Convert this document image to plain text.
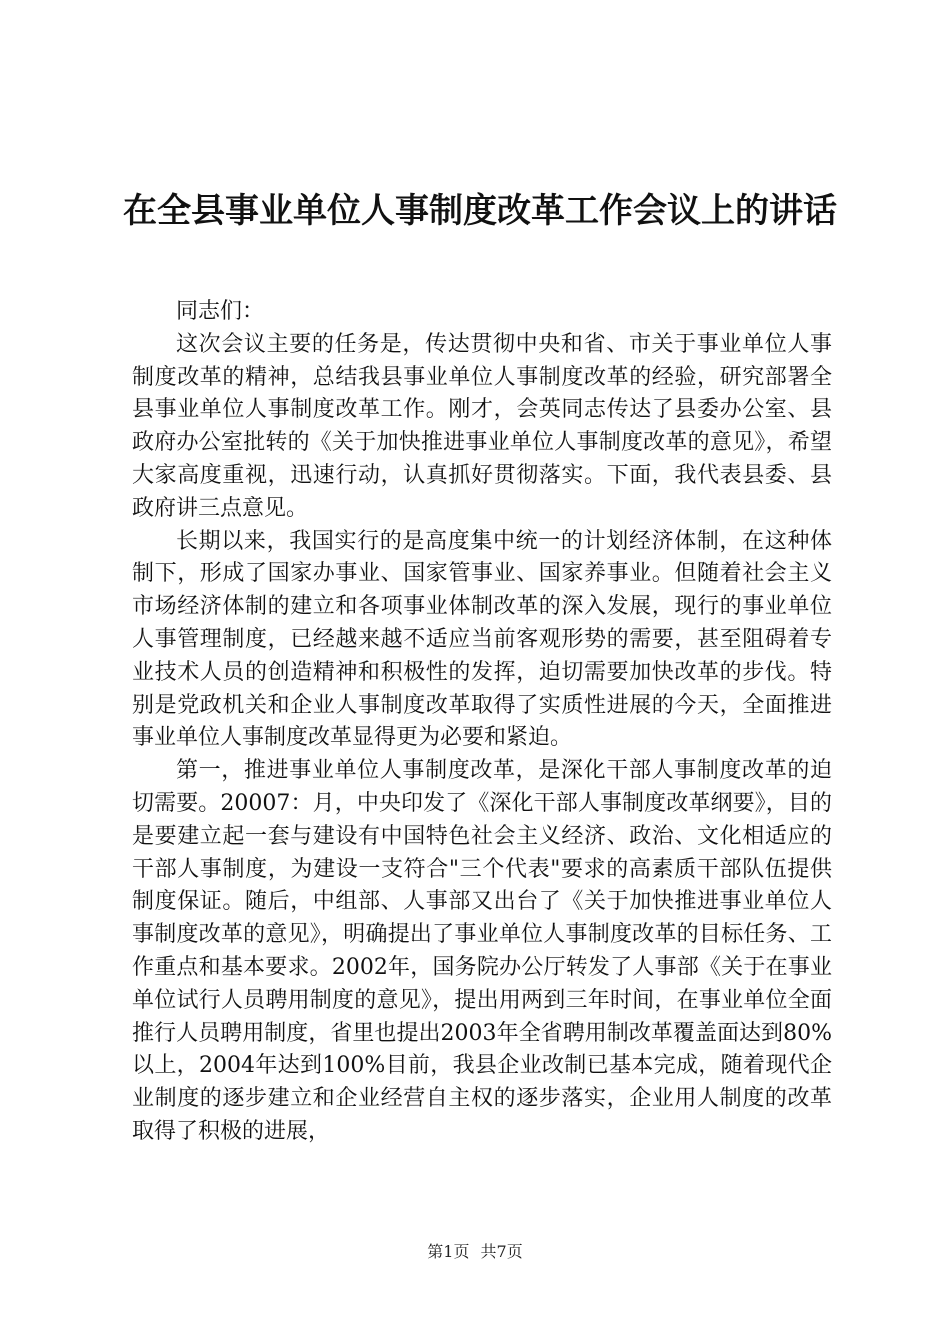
在全县事业单位人事制度改革工作会议上的讲话

同志们：

这次会议主要的任务是，传达贯彻中央和省、市关于事业单位人事制度改革的精神，总结我县事业单位人事制度改革的经验，研究部署全县事业单位人事制度改革工作。刚才，会英同志传达了县委办公室、县政府办公室批转的《关于加快推进事业单位人事制度改革的意见》，希望大家高度重视，迅速行动，认真抓好贯彻落实。下面，我代表县委、县政府讲三点意见。

长期以来，我国实行的是高度集中统一的计划经济体制，在这种体制下，形成了国家办事业、国家管事业、国家养事业。但随着社会主义市场经济体制的建立和各项事业体制改革的深入发展，现行的事业单位人事管理制度，已经越来越不适应当前客观形势的需要，甚至阻碍着专业技术人员的创造精神和积极性的发挥，迫切需要加快改革的步伐。特别是党政机关和企业人事制度改革取得了实质性进展的今天，全面推进事业单位人事制度改革显得更为必要和紧迫。

第一，推进事业单位人事制度改革，是深化干部人事制度改革的迫切需要。20007：月，中央印发了《深化干部人事制度改革纲要》，目的是要建立起一套与建设有中国特色社会主义经济、政治、文化相适应的干部人事制度，为建设一支符合"三个代表"要求的高素质干部队伍提供制度保证。随后，中组部、人事部又出台了《关于加快推进事业单位人事制度改革的意见》，明确提出了事业单位人事制度改革的目标任务、工作重点和基本要求。2002年，国务院办公厅转发了人事部《关于在事业单位试行人员聘用制度的意见》，提出用两到三年时间，在事业单位全面推行人员聘用制度，省里也提出2003年全省聘用制改革覆盖面达到80%以上，2004年达到100%目前，我县企业改制已基本完成，随着现代企业制度的逐步建立和企业经营自主权的逐步落实，企业用人制度的改革取得了积极的进展，

第1页 共7页
